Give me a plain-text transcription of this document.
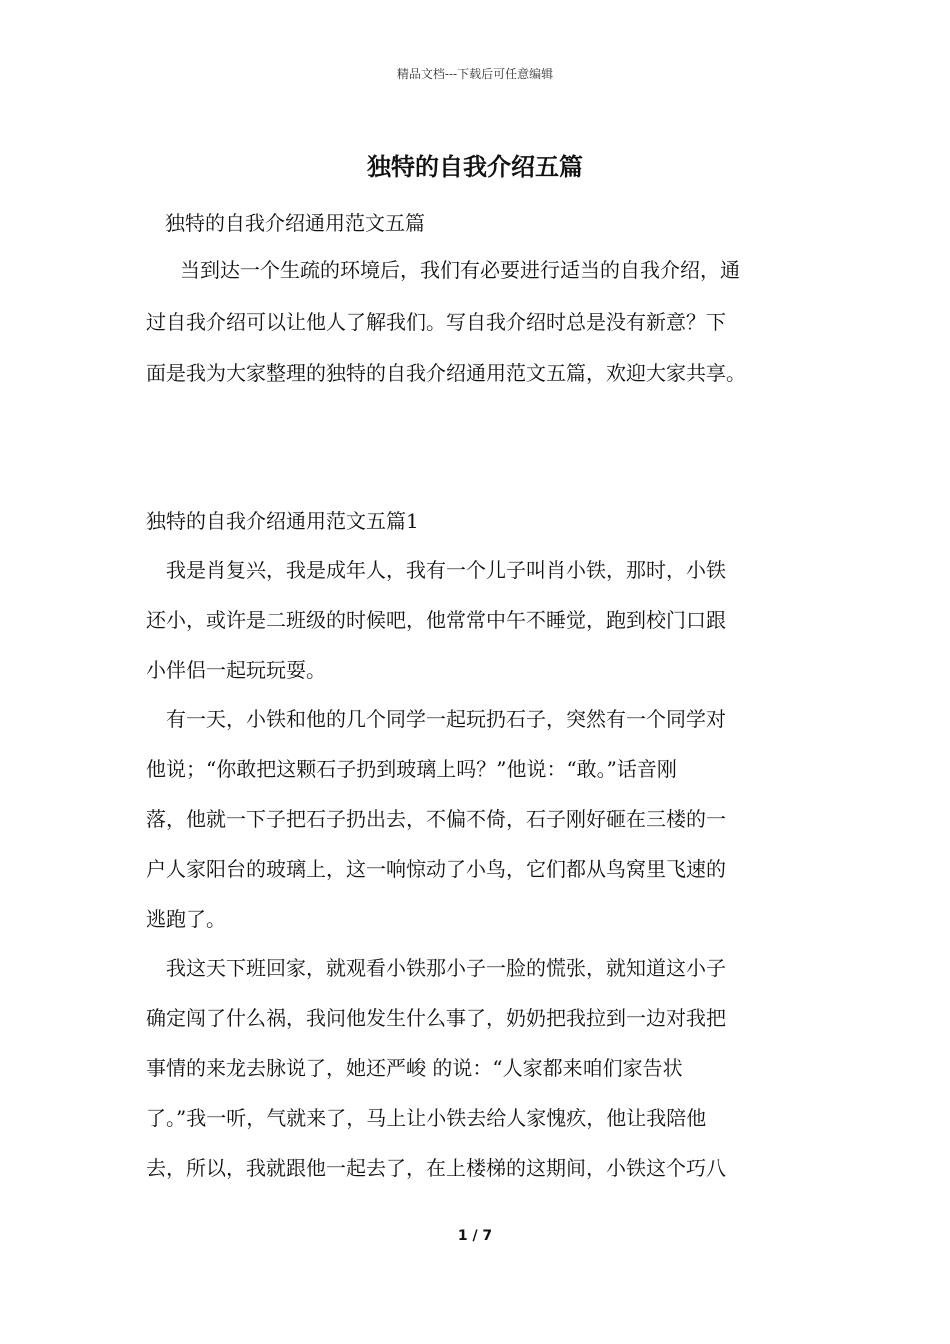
精品文档---下载后可任意编辑
独特的自我介绍五篇
独特的自我介绍通用范文五篇
当到达一个生疏的环境后，我们有必要进行适当的自我介绍，通
过自我介绍可以让他人了解我们。写自我介绍时总是没有新意？下
面是我为大家整理的独特的自我介绍通用范文五篇，欢迎大家共享。
独特的自我介绍通用范文五篇1
我是肖复兴，我是成年人，我有一个儿子叫肖小铁，那时，小铁
还小，或许是二班级的时候吧，他常常中午不睡觉，跑到校门口跟
小伴侣一起玩玩耍。
有一天，小铁和他的几个同学一起玩扔石子，突然有一个同学对
他说；“你敢把这颗石子扔到玻璃上吗？”他说：“敢。”话音刚
落，他就一下子把石子扔出去，不偏不倚，石子刚好砸在三楼的一
户人家阳台的玻璃上，这一响惊动了小鸟，它们都从鸟窝里飞速的
逃跑了。
我这天下班回家，就观看小铁那小子一脸的慌张，就知道这小子
确定闯了什么祸，我问他发生什么事了，奶奶把我拉到一边对我把
事情的来龙去脉说了，她还严峻 的说：“人家都来咱们家告状
了。”我一听，气就来了，马上让小铁去给人家愧疚，他让我陪他
去，所以，我就跟他一起去了，在上楼梯的这期间，小铁这个巧八
1 / 7
